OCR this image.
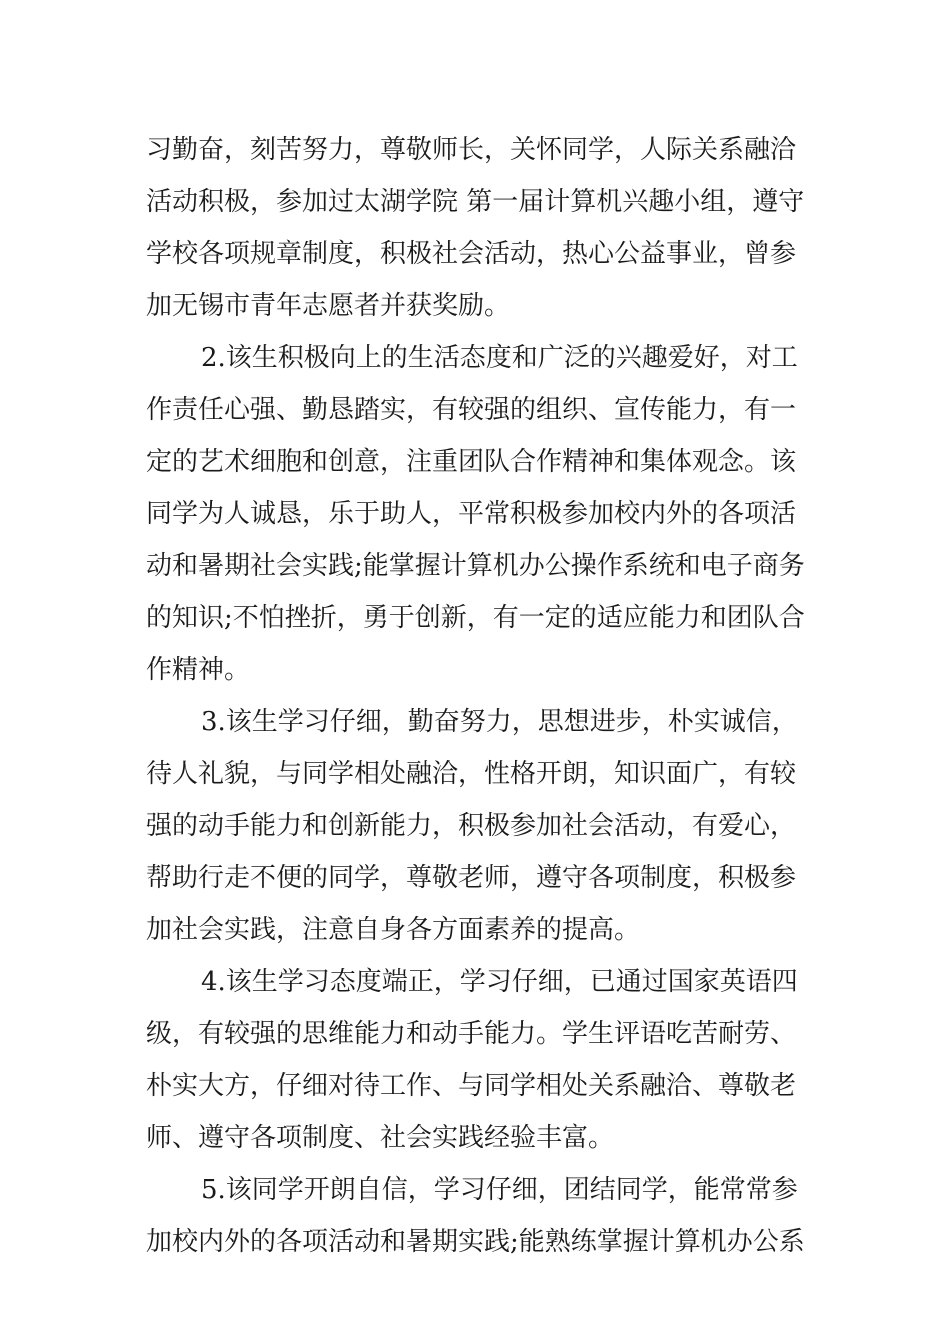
习勤奋，刻苦努力，尊敬师长，关怀同学，人际关系融洽
活动积极，参加过太湖学院 第一届计算机兴趣小组，遵守
学校各项规章制度，积极社会活动，热心公益事业，曾参
加无锡市青年志愿者并获奖励。
2.该生积极向上的生活态度和广泛的兴趣爱好，对工
作责任心强、勤恳踏实，有较强的组织、宣传能力，有一
定的艺术细胞和创意，注重团队合作精神和集体观念。该
同学为人诚恳，乐于助人，平常积极参加校内外的各项活
动和暑期社会实践;能掌握计算机办公操作系统和电子商务
的知识;不怕挫折，勇于创新，有一定的适应能力和团队合
作精神。
3.该生学习仔细，勤奋努力，思想进步，朴实诚信，
待人礼貌，与同学相处融洽，性格开朗，知识面广，有较
强的动手能力和创新能力，积极参加社会活动，有爱心，
帮助行走不便的同学，尊敬老师，遵守各项制度，积极参
加社会实践，注意自身各方面素养的提高。
4.该生学习态度端正，学习仔细，已通过国家英语四
级，有较强的思维能力和动手能力。学生评语吃苦耐劳、
朴实大方，仔细对待工作、与同学相处关系融洽、尊敬老
师、遵守各项制度、社会实践经验丰富。
5.该同学开朗自信，学习仔细，团结同学，能常常参
加校内外的各项活动和暑期实践;能熟练掌握计算机办公系
